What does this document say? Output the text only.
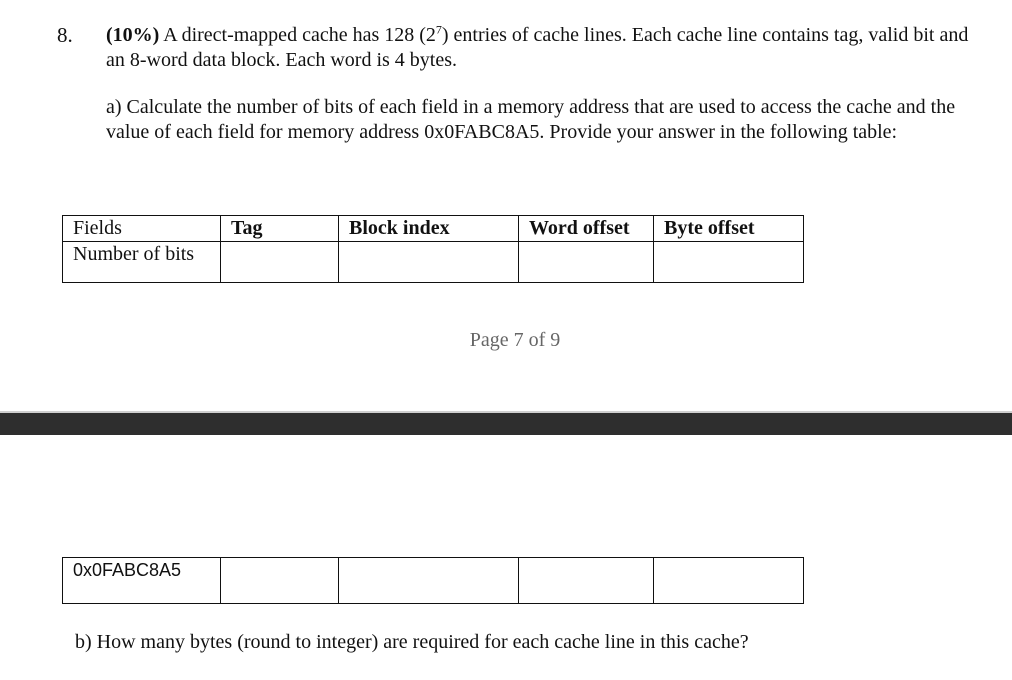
8. (10%) A direct-mapped cache has 128 $(2^7)$ entries of cache lines. Each cache line contains tag, valid bit and an 8-word data block. Each word is 4 bytes.
a) Calculate the number of bits of each field in a memory address that are used to access the cache and the value of each field for memory address 0x0FABC8A5. Provide your answer in the following table:
Fields	Tag	Block index	Word offset	Byte offset
Number of bits				
Page 7 of 9
0x0FABC8A5				
b) How many bytes (round to integer) are required for each cache line in this cache?
